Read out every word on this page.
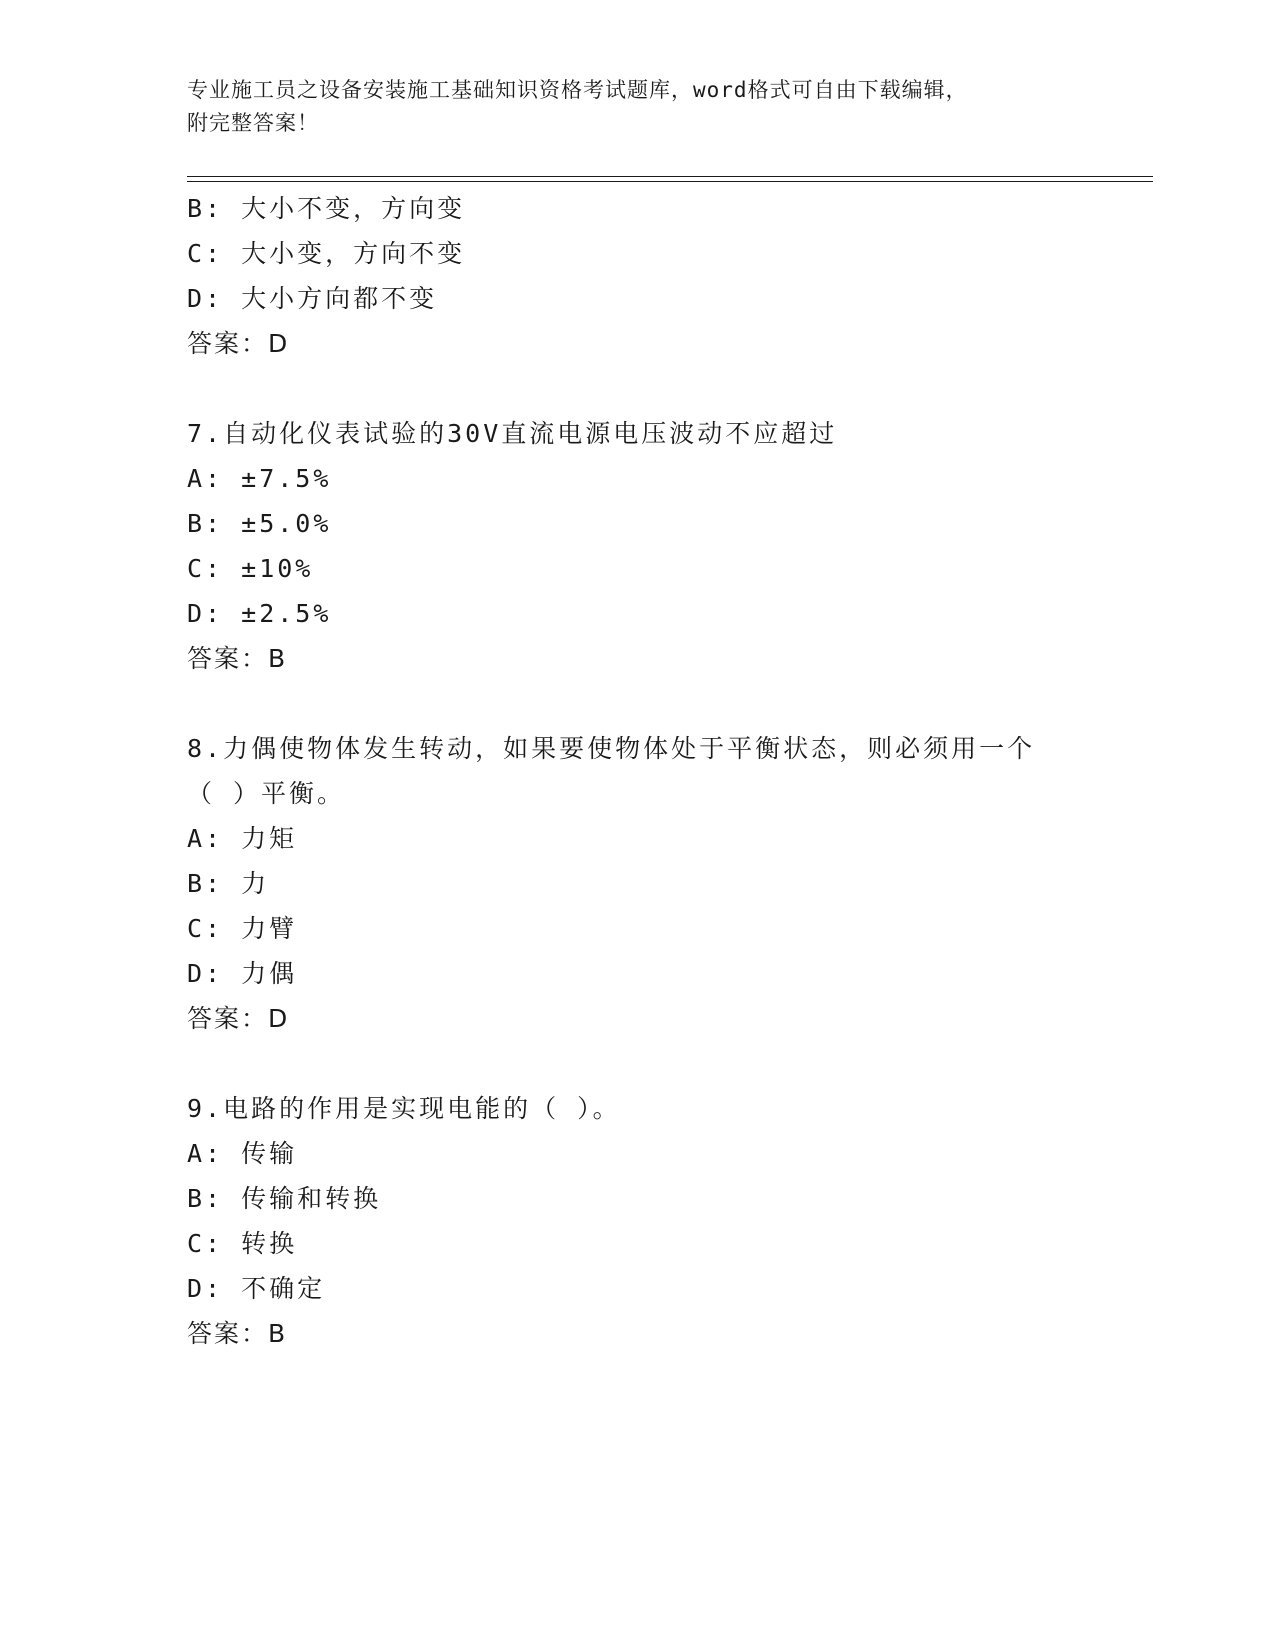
专业施工员之设备安装施工基础知识资格考试题库，word格式可自由下载编辑，
附完整答案！
B: 大小不变，方向变
C: 大小变，方向不变
D: 大小方向都不变
答案：D
7.自动化仪表试验的30V直流电源电压波动不应超过
A: ±7.5%
B: ±5.0%
C: ±10%
D: ±2.5%
答案：B
8.力偶使物体发生转动，如果要使物体处于平衡状态，则必须用一个
（ ）平衡。
A: 力矩
B: 力
C: 力臂
D: 力偶
答案：D
9.电路的作用是实现电能的（ ）。
A: 传输
B: 传输和转换
C: 转换
D: 不确定
答案：B
